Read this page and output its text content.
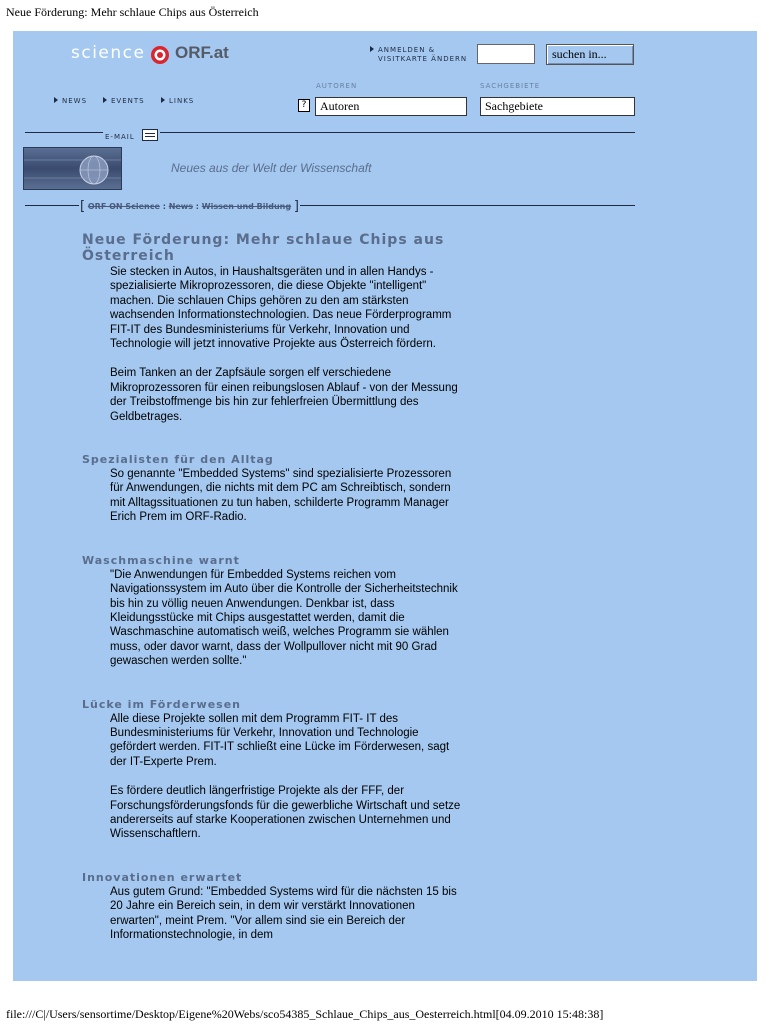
Neue Förderung: Mehr schlaue Chips aus Österreich
science ORF.at	ANMELDEN &
VISITKARTE ÄNDERN	suchen in...
AUTOREN	SACHGEBIETE
NEWS	EVENTS	LINKS	?	Autoren	Sachgebiete
E-MAIL
Neues aus der Welt der Wissenschaft
[ ORF ON Science : News : Wissen und Bildung ]
Neue Förderung: Mehr schlaue Chips aus Österreich

Sie stecken in Autos, in Haushaltsgeräten und in allen Handys - spezialisierte Mikroprozessoren, die diese Objekte "intelligent" machen. Die schlauen Chips gehören zu den am stärksten wachsenden Informationstechnologien. Das neue Förderprogramm FIT-IT des Bundesministeriums für Verkehr, Innovation und Technologie will jetzt innovative Projekte aus Österreich fördern.

Beim Tanken an der Zapfsäule sorgen elf verschiedene Mikroprozessoren für einen reibungslosen Ablauf - von der Messung der Treibstoffmenge bis hin zur fehlerfreien Übermittlung des Geldbetrages.

Spezialisten für den Alltag

So genannte "Embedded Systems" sind spezialisierte Prozessoren für Anwendungen, die nichts mit dem PC am Schreibtisch, sondern mit Alltagssituationen zu tun haben, schilderte Programm Manager Erich Prem im ORF-Radio.

Waschmaschine warnt

"Die Anwendungen für Embedded Systems reichen vom Navigationssystem im Auto über die Kontrolle der Sicherheitstechnik bis hin zu völlig neuen Anwendungen. Denkbar ist, dass Kleidungsstücke mit Chips ausgestattet werden, damit die Waschmaschine automatisch weiß, welches Programm sie wählen muss, oder davor warnt, dass der Wollpullover nicht mit 90 Grad gewaschen werden sollte."

Lücke im Förderwesen

Alle diese Projekte sollen mit dem Programm FIT- IT des Bundesministeriums für Verkehr, Innovation und Technologie gefördert werden. FIT-IT schließt eine Lücke im Förderwesen, sagt der IT-Experte Prem.

Es fördere deutlich längerfristige Projekte als der FFF, der Forschungsförderungsfonds für die gewerbliche Wirtschaft und setze andererseits auf starke Kooperationen zwischen Unternehmen und Wissenschaftlern.

Innovationen erwartet

Aus gutem Grund: "Embedded Systems wird für die nächsten 15 bis 20 Jahre ein Bereich sein, in dem wir verstärkt Innovationen erwarten", meint Prem. "Vor allem sind sie ein Bereich der Informationstechnologie, in dem

file:///C|/Users/sensortime/Desktop/Eigene%20Webs/sco54385_Schlaue_Chips_aus_Oesterreich.html[04.09.2010 15:48:38]
